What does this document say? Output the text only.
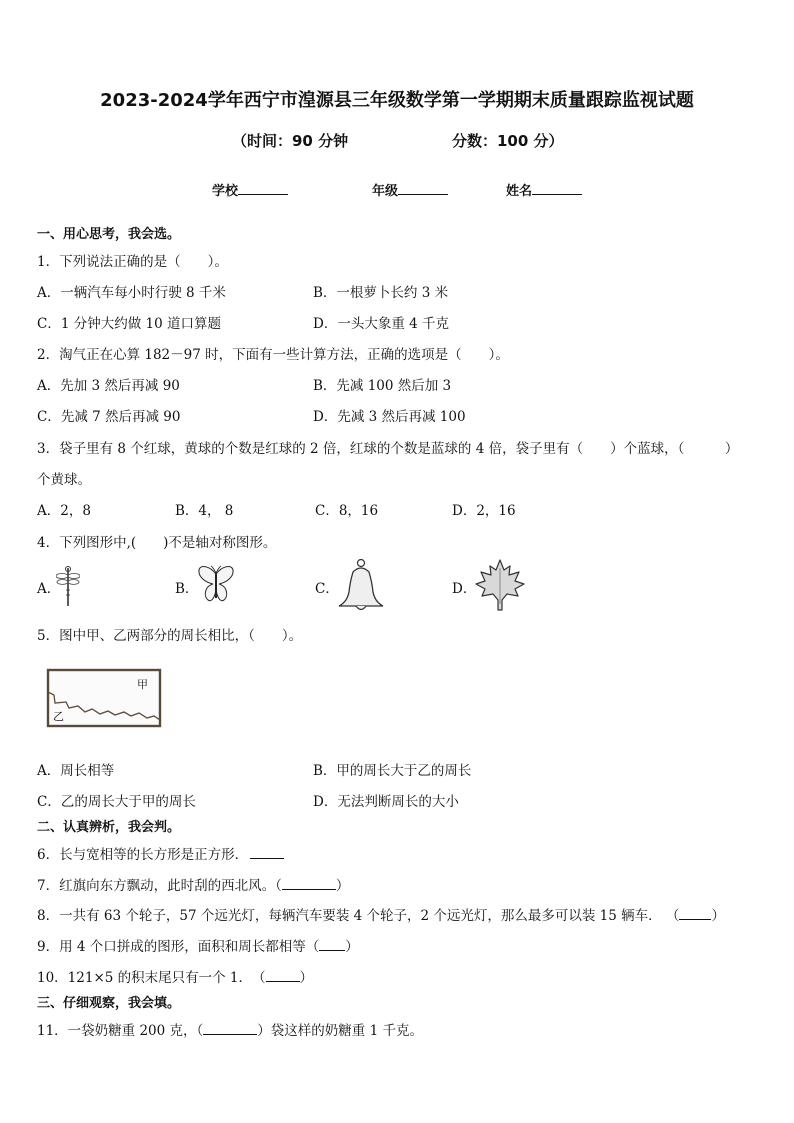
2023-2024学年西宁市湟源县三年级数学第一学期期末质量跟踪监视试题
（时间：90 分钟	分数：100 分）
学校	年级	姓名
一、用心思考，我会选。
1．下列说法正确的是（　　）。
A．一辆汽车每小时行驶 8 千米	B．一根萝卜长约 3 米
C．1 分钟大约做 10 道口算题	D．一头大象重 4 千克
2．淘气正在心算 182－97 时，下面有一些计算方法，正确的选项是（　　）。
A．先加 3 然后再减 90	B．先减 100 然后加 3
C．先减 7 然后再减 90	D．先减 3 然后再减 100
3．袋子里有 8 个红球，黄球的个数是红球的 2 倍，红球的个数是蓝球的 4 倍，袋子里有（　　）个蓝球，（　　　）
个黄球。
A．2，8	B．4， 8	C．8，16	D．2，16
4．下列图形中,(　　)不是轴对称图形。
A．	B．	C．	D．
5．图中甲、乙两部分的周长相比，（　　）。
甲
乙
A．周长相等	B．甲的周长大于乙的周长
C．乙的周长大于甲的周长	D．无法判断周长的大小
二、认真辨析，我会判。
6．长与宽相等的长方形是正方形．
7．红旗向东方飘动，此时刮的西北风。（	）
8．一共有 63 个轮子，57 个远光灯，每辆汽车要装 4 个轮子，2 个远光灯，那么最多可以装 15 辆车． （ ）
9．用 4 个口拼成的图形，面积和周长都相等（ ）
10．121×5 的积末尾只有一个 1．　（	）
三、仔细观察，我会填。
11．一袋奶糖重 200 克，（	）袋这样的奶糖重 1 千克。
